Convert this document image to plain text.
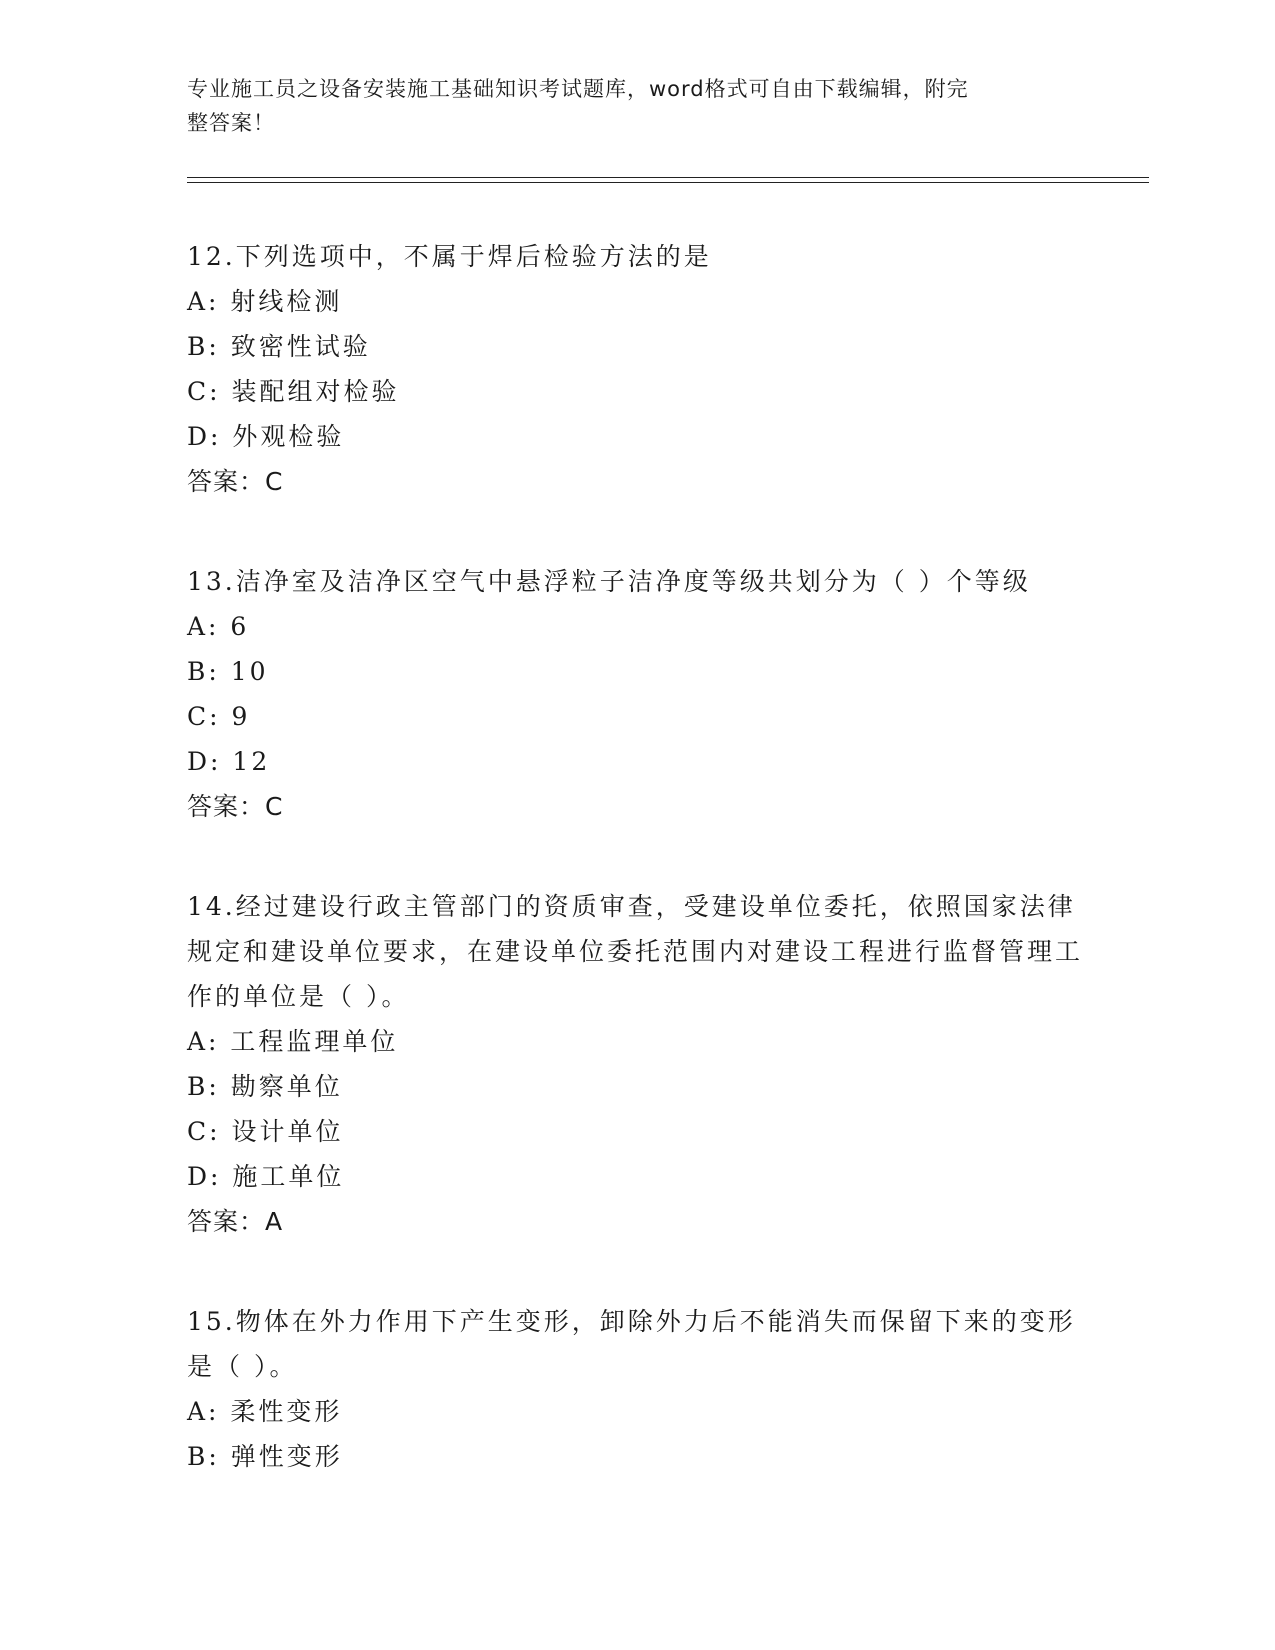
专业施工员之设备安装施工基础知识考试题库，word格式可自由下载编辑，附完
整答案！
12.下列选项中，不属于焊后检验方法的是
A: 射线检测
B: 致密性试验
C: 装配组对检验
D: 外观检验
答案：C
13.洁净室及洁净区空气中悬浮粒子洁净度等级共划分为（ ）个等级
A: 6
B: 10
C: 9
D: 12
答案：C
14.经过建设行政主管部门的资质审查，受建设单位委托，依照国家法律规定和建设单位要求，在建设单位委托范围内对建设工程进行监督管理工作的单位是（ ）。
A: 工程监理单位
B: 勘察单位
C: 设计单位
D: 施工单位
答案：A
15.物体在外力作用下产生变形，卸除外力后不能消失而保留下来的变形是（ ）。
A: 柔性变形
B: 弹性变形
